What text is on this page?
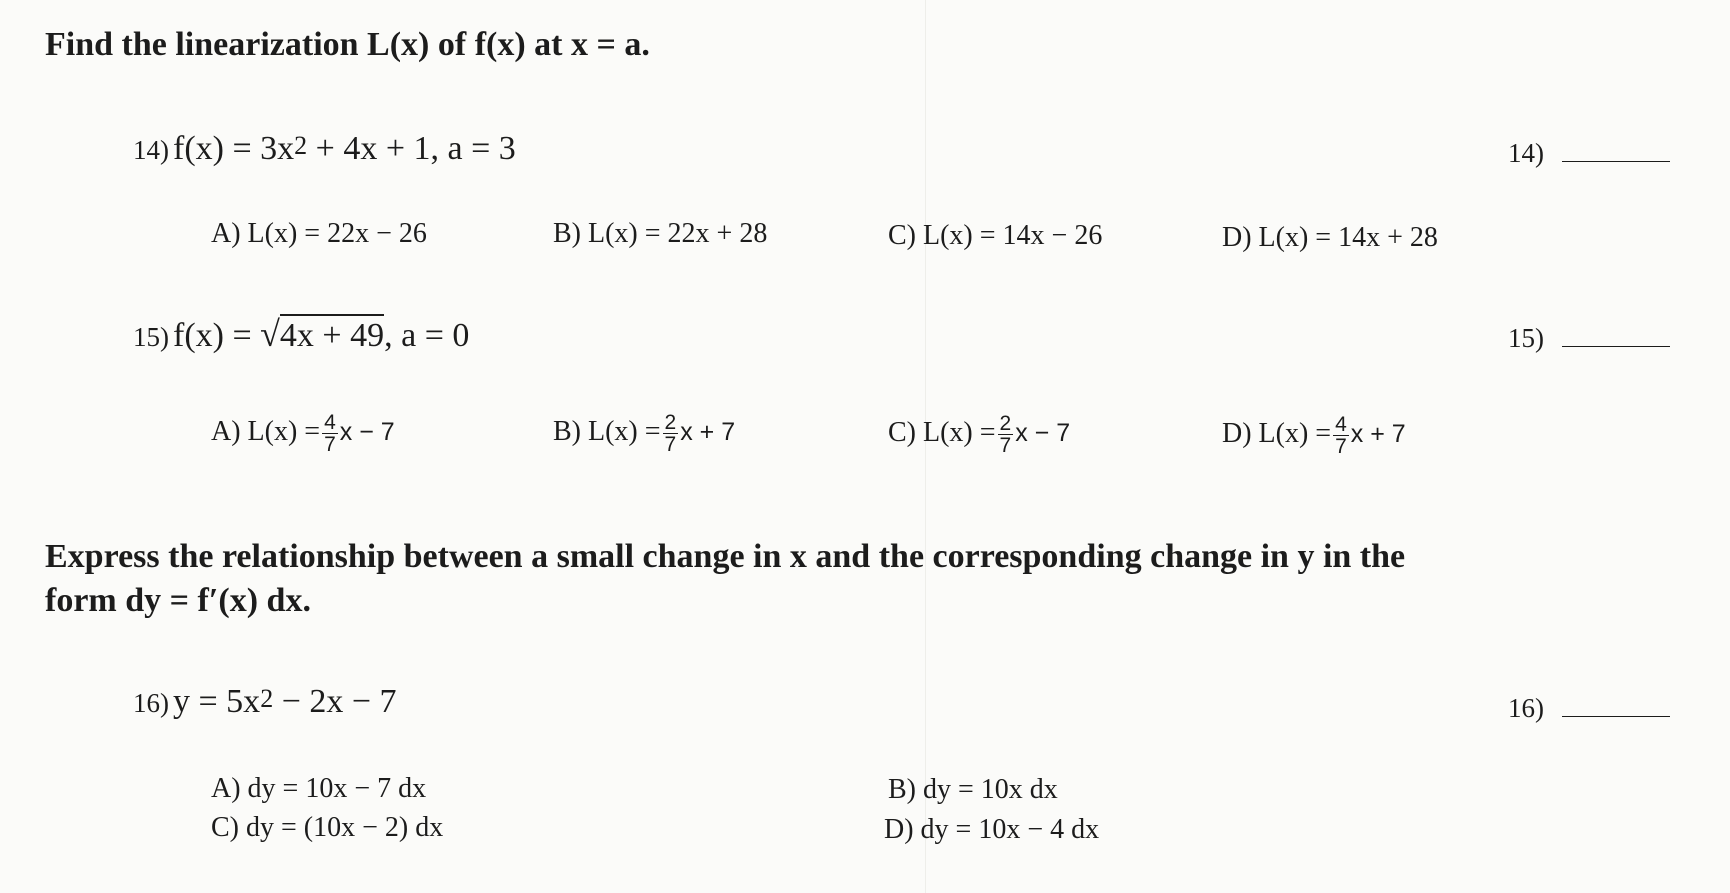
Find the linearization L(x) of f(x) at x = a.
14) $f(x) = 3x^2 + 4x + 1$, a = 3	14)
A) L(x) = 22x − 26	B) L(x) = 22x + 28	C) L(x) = 14x − 26	D) L(x) = 14x + 28
15) f(x) = √4x + 49, a = 0	15)
A) $L(x) = \frac{4}{7}$ x − 7	B) $L(x) = \frac{2}{7}$ x + 7	C) $L(x) = \frac{2}{7}$ x − 7	D) $L(x) = \frac{4}{7}$ x + 7
Express the relationship between a small change in x and the corresponding change in y in the
form dy = f′(x) dx.
16) $y = 5x^2 - 2x - 7$	16)
A) dy = 10x − 7 dx	B) dy = 10x dx
C) dy = (10x − 2) dx	D) dy = 10x − 4 dx
